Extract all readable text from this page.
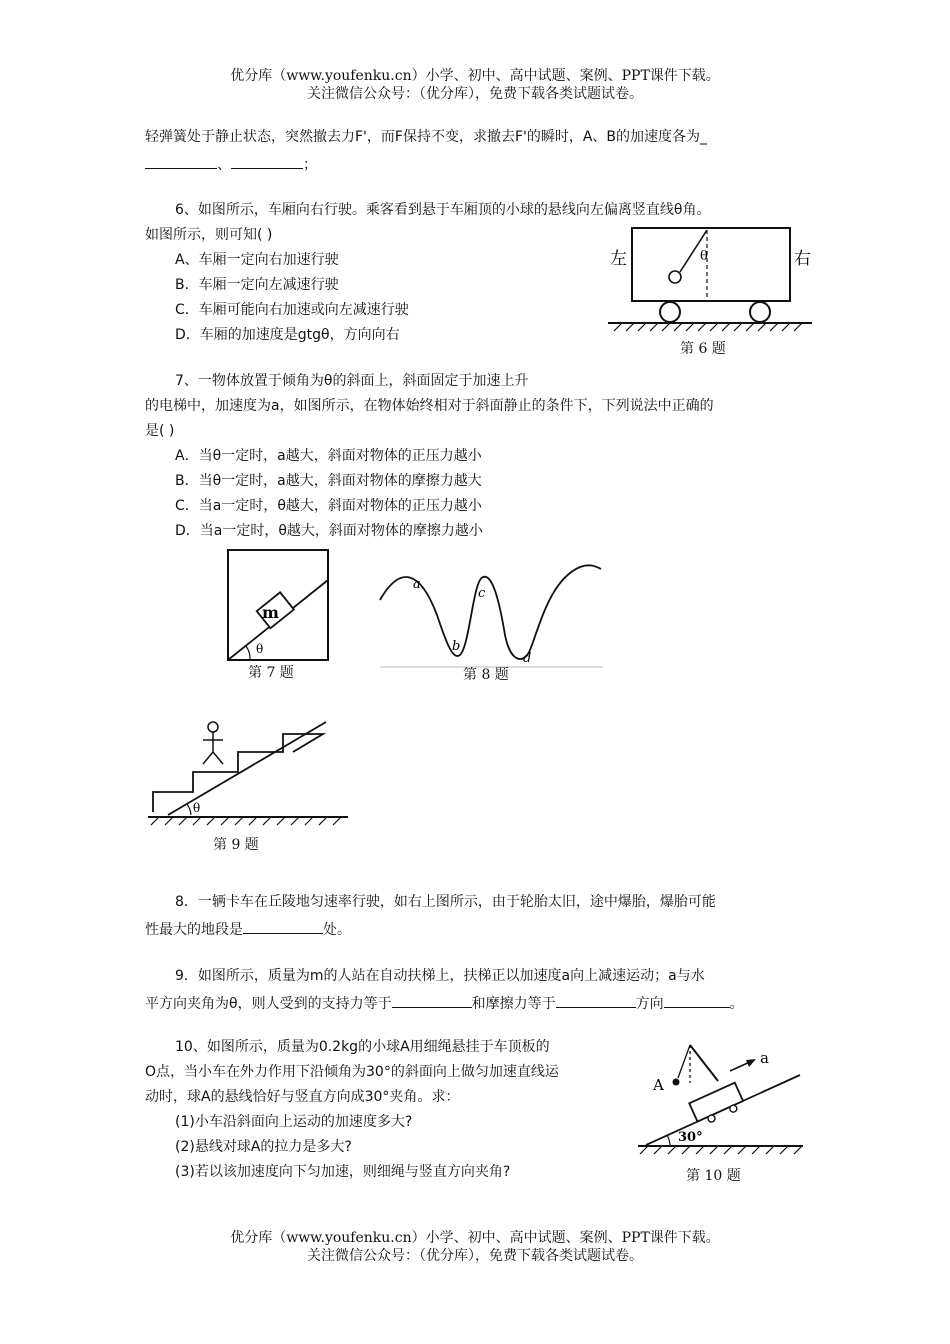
优分库（www.youfenku.cn）小学、初中、高中试题、案例、PPT课件下载。
关注微信公众号：（优分库），免费下载各类试题试卷。
轻弹簧处于静止状态，突然撤去力F'，而F保持不变，求撤去F'的瞬时，A、B的加速度各为_
、	；
6、如图所示，车厢向右行驶。乘客看到悬于车厢顶的小球的悬线向左偏离竖直线θ角。
如图所示，则可知( )
A、车厢一定向右加速行驶
B．车厢一定向左减速行驶
C．车厢可能向右加速或向左减速行驶
D．车厢的加速度是gtgθ，方向向右
θ
左	右
第 6 题
7、一物体放置于倾角为θ的斜面上，斜面固定于加速上升
的电梯中，加速度为a，如图所示，在物体始终相对于斜面静止的条件下，下列说法中正确的
是( )
A．当θ一定时，a越大，斜面对物体的正压力越小
B．当θ一定时，a越大，斜面对物体的摩擦力越大
C．当a一定时，θ越大，斜面对物体的正压力越小
D．当a一定时，θ越大，斜面对物体的摩擦力越小
m
θ
第 7 题
a
b
c
d
第 8 题
θ
第 9 题
8．一辆卡车在丘陵地匀速率行驶，如右上图所示，由于轮胎太旧，途中爆胎，爆胎可能
性最大的地段是	处。
9．如图所示，质量为m的人站在自动扶梯上，扶梯正以加速度a向上减速运动；a与水
平方向夹角为θ，则人受到的支持力等于	和摩擦力等于	方向	。
10、如图所示，质量为0.2kg的小球A用细绳悬挂于车顶板的
O点，当小车在外力作用下沿倾角为30°的斜面向上做匀加速直线运
动时，球A的悬线恰好与竖直方向成30°夹角。求：
(1)小车沿斜面向上运动的加速度多大?
(2)悬线对球A的拉力是多大?
(3)若以该加速度向下匀加速，则细绳与竖直方向夹角?
A
a
30°
第 10 题
优分库（www.youfenku.cn）小学、初中、高中试题、案例、PPT课件下载。
关注微信公众号：（优分库），免费下载各类试题试卷。
